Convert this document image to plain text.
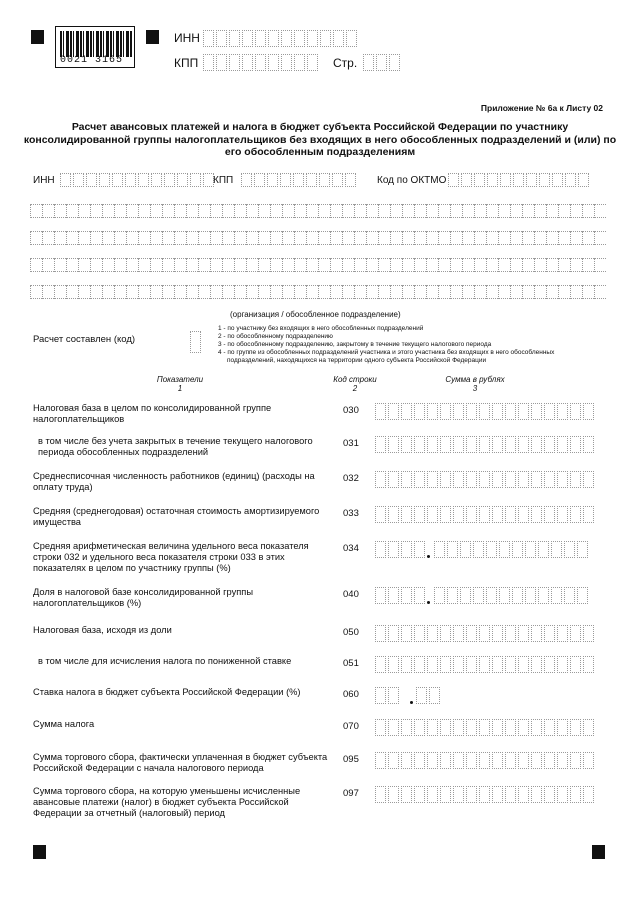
0021 3165
ИНН
КПП	Стр.
Приложение № 6а к Листу 02
Расчет авансовых платежей и налога в бюджет субъекта Российской Федерации по участнику консолидированной группы налогоплательщиков без входящих в него обособленных подразделений и (или) по его обособленным подразделениям
ИНН	КПП	Код по ОКТМО
(организация / обособленное подразделение)
Расчет составлен (код)
1 - по участнику без входящих в него обособленных подразделений
2 - по обособленному подразделению
3 - по обособленному подразделению, закрытому в течение текущего налогового периода
4 - по группе из обособленных подразделений участника и этого участника без входящих в него обособленных
подразделений, находящихся на территории одного субъекта Российской Федерации
Показатели
1
Код строки
2
Сумма в рублях
3
Налоговая база в целом по консолидированной группе налогоплательщиков
030
в том числе без учета закрытых в течение текущего налогового периода обособленных подразделений
031
Среднесписочная численность работников (единиц) (расходы на оплату труда)
032
Средняя (среднегодовая) остаточная стоимость амортизируемого имущества
033
Средняя арифметическая величина удельного веса показателя строки 032 и удельного веса показателя строки 033 в этих показателях в целом по участнику группы (%)
034
Доля в налоговой базе консолидированной группы налогоплательщиков (%)
040
Налоговая база, исходя из доли	050
в том числе для исчисления налога по пониженной ставке	051
Ставка налога в бюджет субъекта Российской Федерации (%)	060
Сумма налога	070
Сумма торгового сбора, фактически уплаченная в бюджет субъекта Российской Федерации с начала налогового периода
095
Сумма торгового сбора, на которую уменьшены исчисленные авансовые платежи (налог) в бюджет субъекта Российской Федерации за отчетный (налоговый) период
097
